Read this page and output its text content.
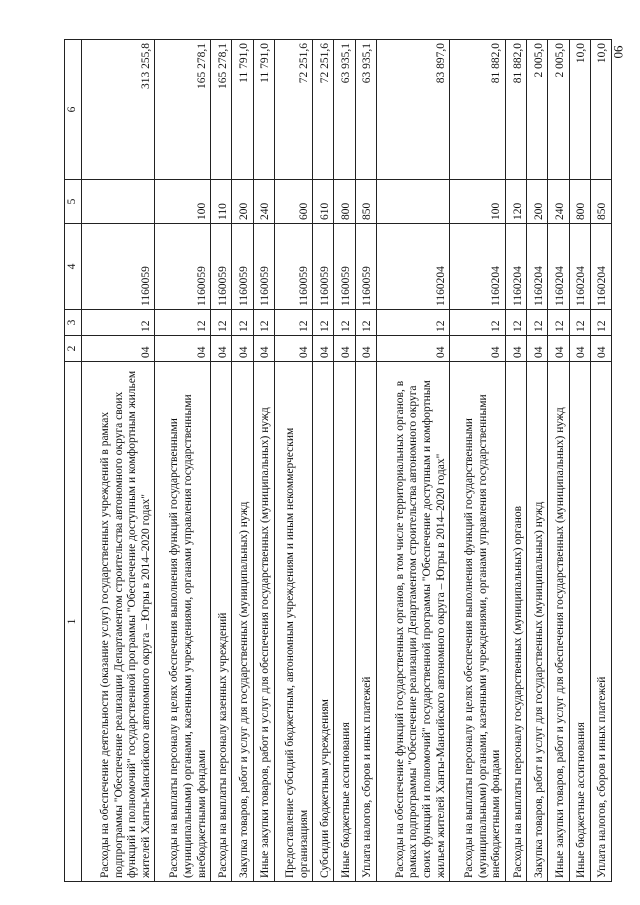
90
1	2	3	4	5	6
Расходы на обеспечение деятельности (оказание услуг) государственных учреждений в рамках подпрограммы "Обеспечение реализации Департаментом строительства автономного округа своих функций и полномочий" государственной программы "Обеспечение доступным и комфортным жильем жителей Ханты-Мансийского автономного округа – Югры в 2014–2020 годах"	04	12	1160059		313 255,8
Расходы на выплаты персоналу в целях обеспечения выполнения функций государственными (муниципальными) органами, казенными учреждениями, органами управления государственными внебюджетными фондами	04	12	1160059	100	165 278,1
Расходы на выплаты персоналу казенных учреждений	04	12	1160059	110	165 278,1
Закупка товаров, работ и услуг для государственных (муниципальных) нужд	04	12	1160059	200	11 791,0
Иные закупки товаров, работ и услуг для обеспечения государственных (муниципальных) нужд	04	12	1160059	240	11 791,0
Предоставление субсидий бюджетным, автономным учреждениям и иным некоммерческим организациям	04	12	1160059	600	72 251,6
Субсидии бюджетным учреждениям	04	12	1160059	610	72 251,6
Иные бюджетные ассигнования	04	12	1160059	800	63 935,1
Уплата налогов, сборов и иных платежей	04	12	1160059	850	63 935,1
Расходы на обеспечение функций государственных органов, в том числе территориальных органов, в рамках подпрограммы "Обеспечение реализации Департаментом строительства автономного округа своих функций и полномочий" государственной программы "Обеспечение доступным и комфортным жильем жителей Ханты-Мансийского автономного округа – Югры в 2014–2020 годах"	04	12	1160204		83 897,0
Расходы на выплаты персоналу в целях обеспечения выполнения функций государственными (муниципальными) органами, казенными учреждениями, органами управления государственными внебюджетными фондами	04	12	1160204	100	81 882,0
Расходы на выплаты персоналу государственных (муниципальных) органов	04	12	1160204	120	81 882,0
Закупка товаров, работ и услуг для государственных (муниципальных) нужд	04	12	1160204	200	2 005,0
Иные закупки товаров, работ и услуг для обеспечения государственных (муниципальных) нужд	04	12	1160204	240	2 005,0
Иные бюджетные ассигнования	04	12	1160204	800	10,0
Уплата налогов, сборов и иных платежей	04	12	1160204	850	10,0
